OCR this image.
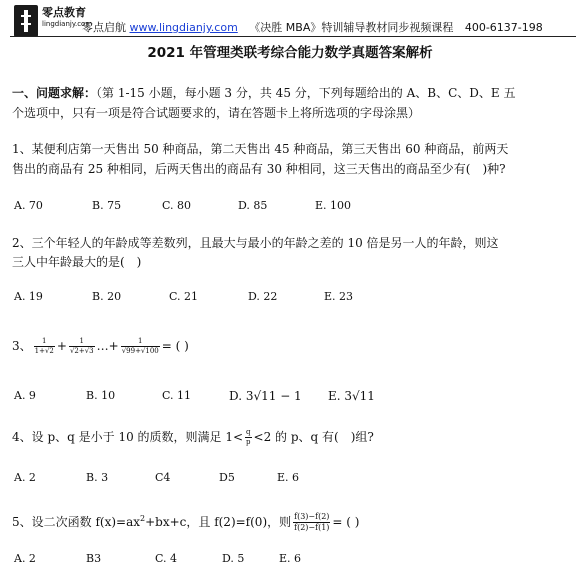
零点教育
lingdianjy.com
零点启航 www.lingdianjy.com 《决胜 MBA》特训辅导教材同步视频课程 400-6137-198
2021 年管理类联考综合能力数学真题答案解析
一、问题求解：（第 1-15 小题，每小题 3 分，共 45 分，下列每题给出的 A、B、C、D、E 五
个选项中，只有一项是符合试题要求的，请在答题卡上将所选项的字母涂黑）
1、某便利店第一天售出 50 种商品，第二天售出 45 种商品，第三天售出 60 种商品，前两天
售出的商品有 25 种相同，后两天售出的商品有 30 种相同，这三天售出的商品至少有(　)种?
A. 70	B. 75	C. 80	D. 85	E. 100
2、三个年轻人的年龄成等差数列，且最大与最小的年龄之差的 10 倍是另一人的年龄，则这
三人中年龄最大的是(　)
A. 19	B. 20	C. 21	D. 22	E. 23
3、 $\frac{1}{1+√2} + \frac{1}{√2+√3}$ …+ $\frac{1}{√99+√100}$ = ( )
A. 9	B. 10	C. 11	D. 3√11 − 1 E. 3√11
4、设 p、q 是小于 10 的质数，则满足 $1< \frac{q}{p} <2$ 的 p、q 有(　)组?
A. 2	B. 3	C4	D5	E. 6
5、设二次函数 $f(x)=ax^2+bx+c$，且 f(2)=f(0)，则 $\frac{f(3)-f(2)}{f(2)-f(1)}$ = ( )
A. 2	B3	C. 4	D. 5	E. 6
